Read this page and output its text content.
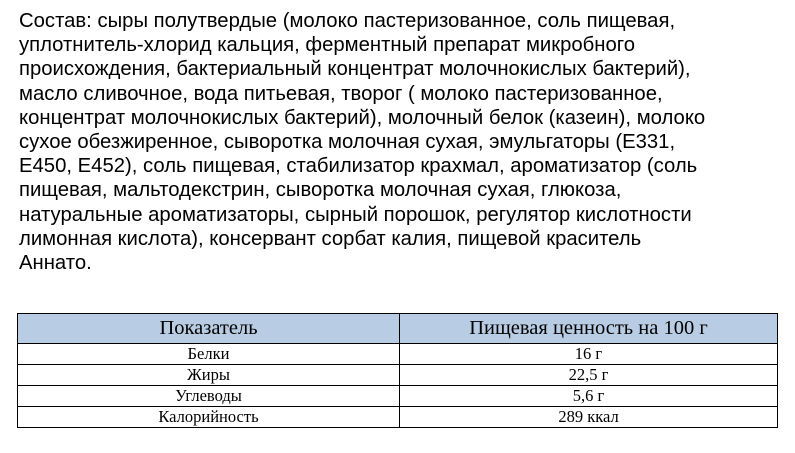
Состав: сыры полутвердые (молоко пастеризованное, соль пищевая,
уплотнитель-хлорид кальция, ферментный препарат микробного
происхождения, бактериальный концентрат молочнокислых бактерий),
масло сливочное, вода питьевая, творог ( молоко пастеризованное,
концентрат молочнокислых бактерий), молочный белок (казеин), молоко
сухое обезжиренное, сыворотка молочная сухая, эмульгаторы (Е331,
Е450, Е452), соль пищевая, стабилизатор крахмал, ароматизатор (соль
пищевая, мальтодекстрин, сыворотка молочная сухая, глюкоза,
натуральные ароматизаторы, сырный порошок, регулятор кислотности
лимонная кислота), консервант сорбат калия, пищевой краситель
Аннато.

Показатель	Пищевая ценность на 100 г
Белки	16 г
Жиры	22,5 г
Углеводы	5,6 г
Калорийность	289 ккал
